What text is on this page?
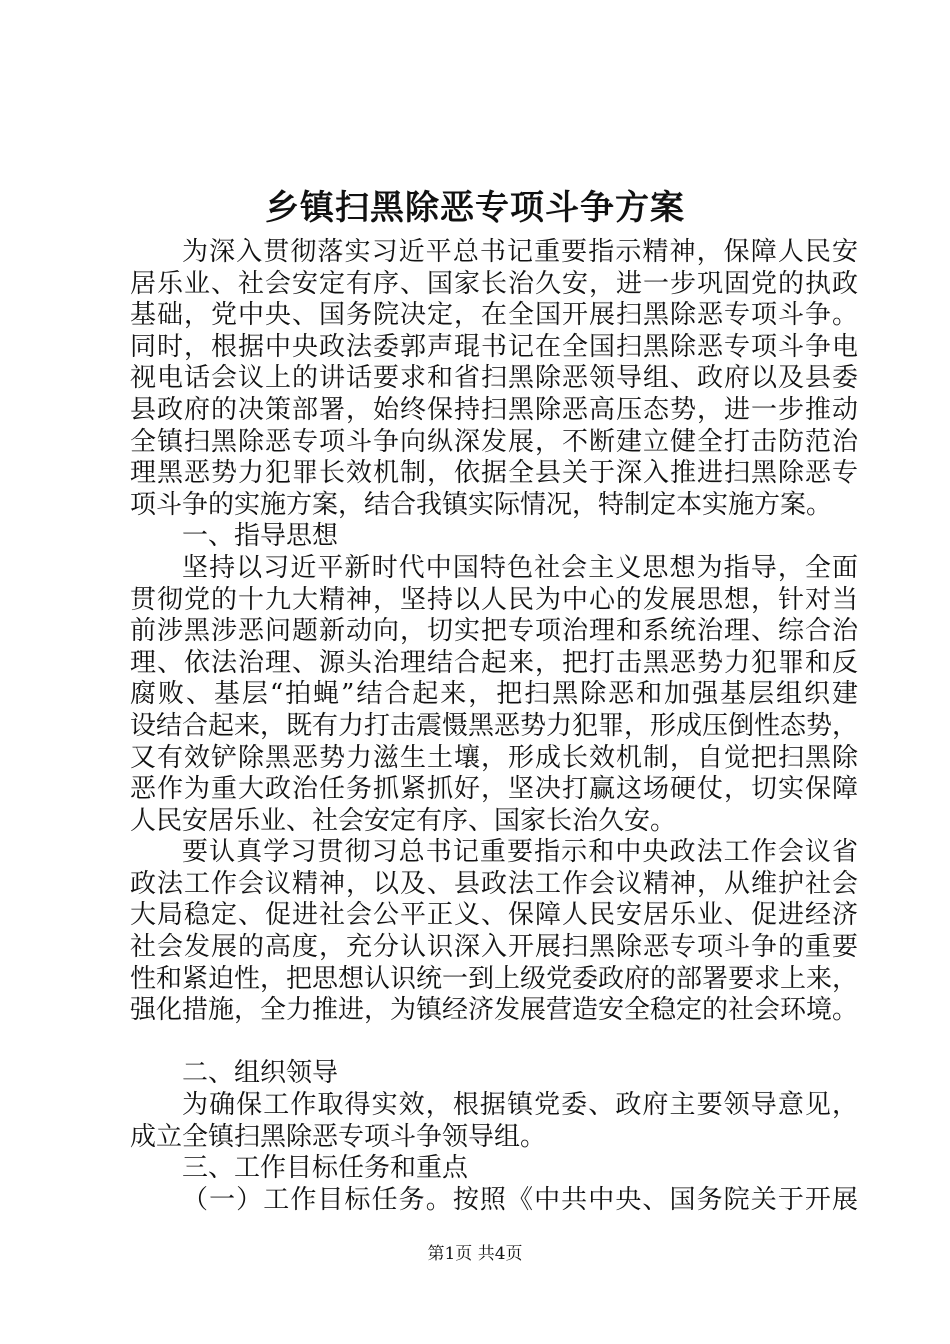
乡镇扫黑除恶专项斗争方案
为深入贯彻落实习近平总书记重要指示精神，保障人民安
居乐业、社会安定有序、国家长治久安，进一步巩固党的执政
基础，党中央、国务院决定，在全国开展扫黑除恶专项斗争。
同时，根据中央政法委郭声琨书记在全国扫黑除恶专项斗争电
视电话会议上的讲话要求和省扫黑除恶领导组、政府以及县委
县政府的决策部署，始终保持扫黑除恶高压态势，进一步推动
全镇扫黑除恶专项斗争向纵深发展，不断建立健全打击防范治
理黑恶势力犯罪长效机制，依据全县关于深入推进扫黑除恶专
项斗争的实施方案，结合我镇实际情况，特制定本实施方案。
一、指导思想
坚持以习近平新时代中国特色社会主义思想为指导，全面
贯彻党的十九大精神，坚持以人民为中心的发展思想，针对当
前涉黑涉恶问题新动向，切实把专项治理和系统治理、综合治
理、依法治理、源头治理结合起来，把打击黑恶势力犯罪和反
腐败、基层“拍蝇”结合起来，把扫黑除恶和加强基层组织建
设结合起来，既有力打击震慑黑恶势力犯罪，形成压倒性态势，
又有效铲除黑恶势力滋生土壤，形成长效机制，自觉把扫黑除
恶作为重大政治任务抓紧抓好，坚决打赢这场硬仗，切实保障
人民安居乐业、社会安定有序、国家长治久安。
要认真学习贯彻习总书记重要指示和中央政法工作会议省
政法工作会议精神，以及、县政法工作会议精神，从维护社会
大局稳定、促进社会公平正义、保障人民安居乐业、促进经济
社会发展的高度，充分认识深入开展扫黑除恶专项斗争的重要
性和紧迫性，把思想认识统一到上级党委政府的部署要求上来，
强化措施，全力推进，为镇经济发展营造安全稳定的社会环境。
二、组织领导
为确保工作取得实效，根据镇党委、政府主要领导意见，
成立全镇扫黑除恶专项斗争领导组。
三、工作目标任务和重点
（一）工作目标任务。按照《中共中央、国务院关于开展
第1页 共4页
